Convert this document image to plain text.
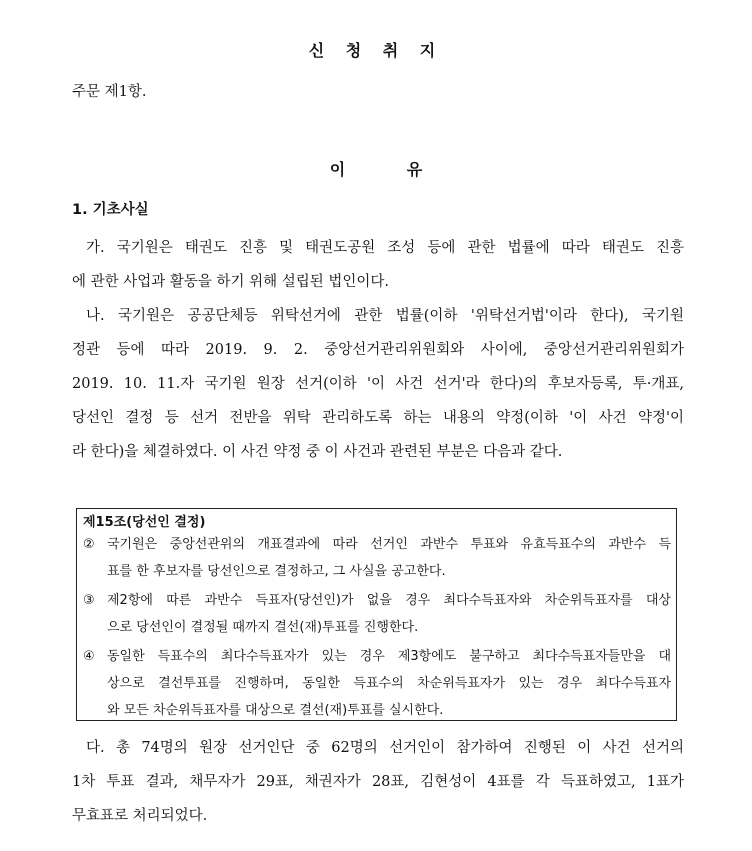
신 청 취 지

주문 제1항.

이 유
1. 기초사실
가. 국기원은 태권도 진흥 및 태권도공원 조성 등에 관한 법률에 따라 태권도 진흥
에 관한 사업과 활동을 하기 위해 설립된 법인이다.
나. 국기원은 공공단체등 위탁선거에 관한 법률(이하 '위탁선거법'이라 한다), 국기원
정관 등에 따라 2019. 9. 2. 중앙선거관리위원회와 사이에, 중앙선거관리위원회가
2019. 10. 11.자 국기원 원장 선거(이하 '이 사건 선거'라 한다)의 후보자등록, 투·개표,
당선인 결정 등 선거 전반을 위탁 관리하도록 하는 내용의 약정(이하 '이 사건 약정'이
라 한다)을 체결하였다. 이 사건 약정 중 이 사건과 관련된 부분은 다음과 같다.

제15조(당선인 결정)

② 국기원은 중앙선관위의 개표결과에 따라 선거인 과반수 투표와 유효득표수의 과반수 득
표를 한 후보자를 당선인으로 결정하고, 그 사실을 공고한다.
③ 제2항에 따른 과반수 득표자(당선인)가 없을 경우 최다수득표자와 차순위득표자를 대상
으로 당선인이 결정될 때까지 결선(재)투표를 진행한다.
④ 동일한 득표수의 최다수득표자가 있는 경우 제3항에도 불구하고 최다수득표자들만을 대
상으로 결선투표를 진행하며, 동일한 득표수의 차순위득표자가 있는 경우 최다수득표자
와 모든 차순위득표자를 대상으로 결선(재)투표를 실시한다.
다. 총 74명의 원장 선거인단 중 62명의 선거인이 참가하여 진행된 이 사건 선거의
1차 투표 결과, 채무자가 29표, 채권자가 28표, 김현성이 4표를 각 득표하였고, 1표가
무효표로 처리되었다.
